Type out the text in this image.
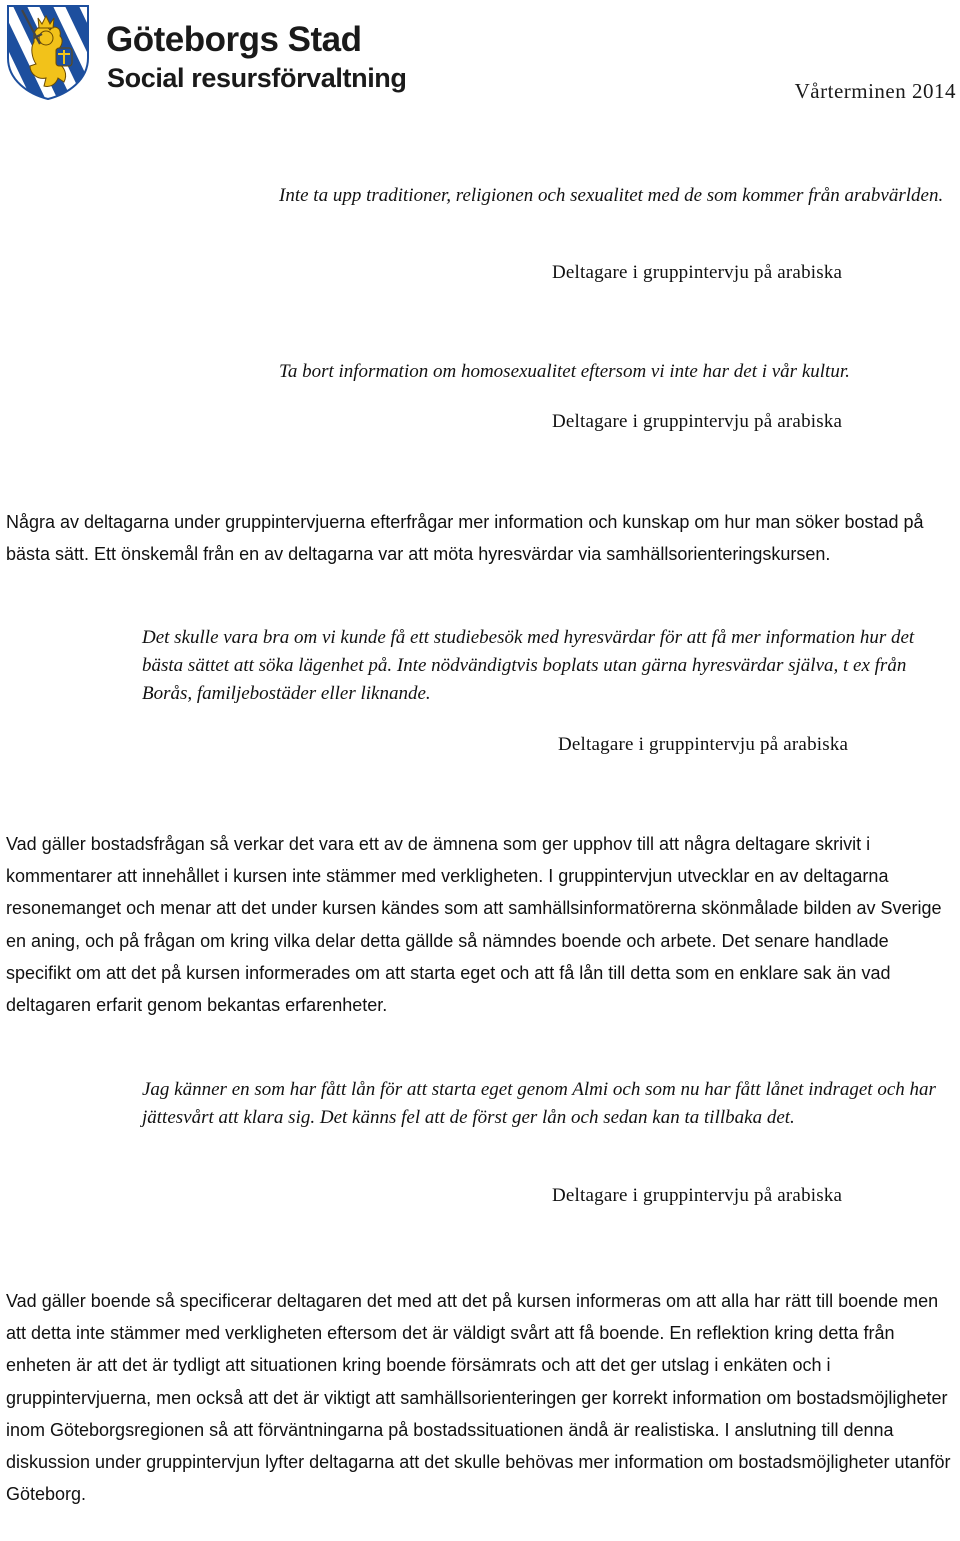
Göteborgs Stad
Social resursförvaltning	Vårterminen 2014

Inte ta upp traditioner, religionen och sexualitet med de som kommer från arabvärlden.

Deltagare i gruppintervju på arabiska

Ta bort information om homosexualitet eftersom vi inte har det i vår kultur.

Deltagare i gruppintervju på arabiska

Några av deltagarna under gruppintervjuerna efterfrågar mer information och kunskap om hur man söker bostad på bästa sätt. Ett önskemål från en av deltagarna var att möta hyresvärdar via samhällsorienteringskursen.

Det skulle vara bra om vi kunde få ett studiebesök med hyresvärdar för att få mer information hur det bästa sättet att söka lägenhet på. Inte nödvändigtvis boplats utan gärna hyresvärdar själva, t ex från Borås, familjebostäder eller liknande.

Deltagare i gruppintervju på arabiska

Vad gäller bostadsfrågan så verkar det vara ett av de ämnena som ger upphov till att några deltagare skrivit i kommentarer att innehållet i kursen inte stämmer med verkligheten. I gruppintervjun utvecklar en av deltagarna resonemanget och menar att det under kursen kändes som att samhällsinformatörerna skönmålade bilden av Sverige en aning, och på frågan om kring vilka delar detta gällde så nämndes boende och arbete. Det senare handlade specifikt om att det på kursen informerades om att starta eget och att få lån till detta som en enklare sak än vad deltagaren erfarit genom bekantas erfarenheter.

Jag känner en som har fått lån för att starta eget genom Almi och som nu har fått lånet indraget och har jättesvårt att klara sig. Det känns fel att de först ger lån och sedan kan ta tillbaka det.

Deltagare i gruppintervju på arabiska

Vad gäller boende så specificerar deltagaren det med att det på kursen informeras om att alla har rätt till boende men att detta inte stämmer med verkligheten eftersom det är väldigt svårt att få boende. En reflektion kring detta från enheten är att det är tydligt att situationen kring boende försämrats och att det ger utslag i enkäten och i gruppintervjuerna, men också att det är viktigt att samhällsorienteringen ger korrekt information om bostadsmöjligheter inom Göteborgsregionen så att förväntningarna på bostadssituationen ändå är realistiska. I anslutning till denna diskussion under gruppintervjun lyfter deltagarna att det skulle behövas mer information om bostadsmöjligheter utanför Göteborg.
